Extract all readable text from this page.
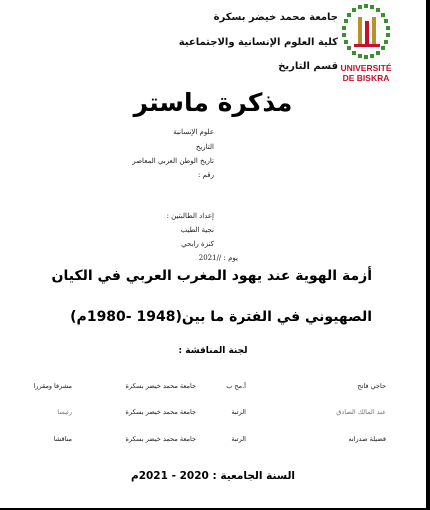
جامعة محمد خيضر بسكرة
كلية العلوم الإنسانية والاجتماعية
قسم التاريخ UNIVERSITÉ
DE BISKRA
مذكرة ماستر
علوم الإنسانية
التاريخ
تاريخ الوطن العربي المعاصر
رقم :
إعداد الطالبتين :
نجية الطيب
كنزة رابحي
يوم : //2021
أزمة الهوية عند يهود المغرب العربي في الكيان
الصهيوني في الفترة ما بين(1948 -1980م)
لجنة المناقشة :
حاجي فاتح
أ.مح ب
جامعة محمد خيضر بسكرة
مشرفا ومقررا
عبد المالك الصادق
الرتبة
جامعة محمد خيضر بسكرة
رئيسا
فضيلة صدرانه
الرتبة
جامعة محمد خيضر بسكرة
مناقشا
السنة الجامعية : 2020 - 2021م
